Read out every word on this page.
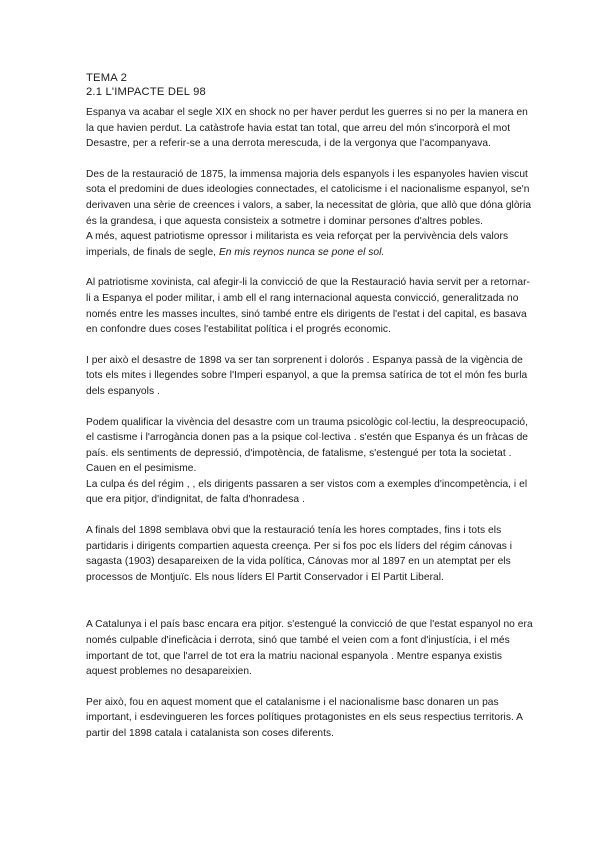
TEMA 2
2.1 L'IMPACTE DEL 98

Espanya va acabar el segle XIX en shock no per haver perdut les guerres si no per la manera en la que havien perdut. La catàstrofe havia estat tan total, que arreu del món s'incorporà el mot Desastre, per a referir-se a una derrota merescuda, i de la vergonya que l'acompanyava.

Des de la restauració de 1875, la immensa majoria dels espanyols i les espanyoles havien viscut sota el predomini de dues ideologies connectades, el catolicisme i el nacionalisme espanyol, se'n derivaven una sèrie de creences i valors, a saber, la necessitat de glòria, que allò que dóna glòria és la grandesa, i que aquesta consisteix a sotmetre i dominar persones d'altres pobles.

A més, aquest patriotisme opressor i militarista es veia reforçat per la pervivència dels valors imperials, de finals de segle, En mis reynos nunca se pone el sol.

Al patriotisme xovinista, cal afegir-li la convicció de que la Restauració havia servit per a retornar-li a Espanya el poder militar, i amb ell el rang internacional aquesta convicció, generalitzada no només entre les masses incultes, sinó també entre els dirigents de l'estat i del capital, es basava en confondre dues coses l'estabilitat política i el progrés economic.

I per això el desastre de 1898 va ser tan sorprenent i dolorós . Espanya passà de la vigència de tots els mites i llegendes sobre l'Imperi espanyol, a que la premsa satírica de tot el món fes burla dels espanyols .

Podem qualificar la vivència del desastre com un trauma psicològic col·lectiu, la despreocupació, el castisme i l'arrogància donen pas a la psique col·lectiva . s'estén que Espanya és un fràcas de país. els sentiments de depressió, d'impotència, de fatalisme, s'estengué per tota la societat . Cauen en el pesimisme.

La culpa és del régim , , els dirigents passaren a ser vistos com a exemples d'incompetència, i el que era pitjor, d'indignitat, de falta d'honradesa .

A finals del 1898 semblava obvi que la restauració tenía les hores comptades, fins i tots els partidaris i dirigents compartien aquesta creença. Per si fos poc els líders del régim cánovas i sagasta (1903) desapareixen de la vida política, Cánovas mor al 1897 en un atemptat per els processos de Montjuïc. Els nous líders El Partit Conservador i El Partit Liberal.

A Catalunya i el país basc encara era pitjor. s'estengué la convicció de que l'estat espanyol no era només culpable d'ineficàcia i derrota, sinó que també el veien com a font d'injustícia, i el més important de tot, que l'arrel de tot era la matriu nacional espanyola . Mentre espanya existis aquest problemes no desapareixien.

Per això, fou en aquest moment que el catalanisme i el nacionalisme basc donaren un pas important, i esdevingueren les forces polítiques protagonistes en els seus respectius territoris. A partir del 1898 catala i catalanista son coses diferents.
